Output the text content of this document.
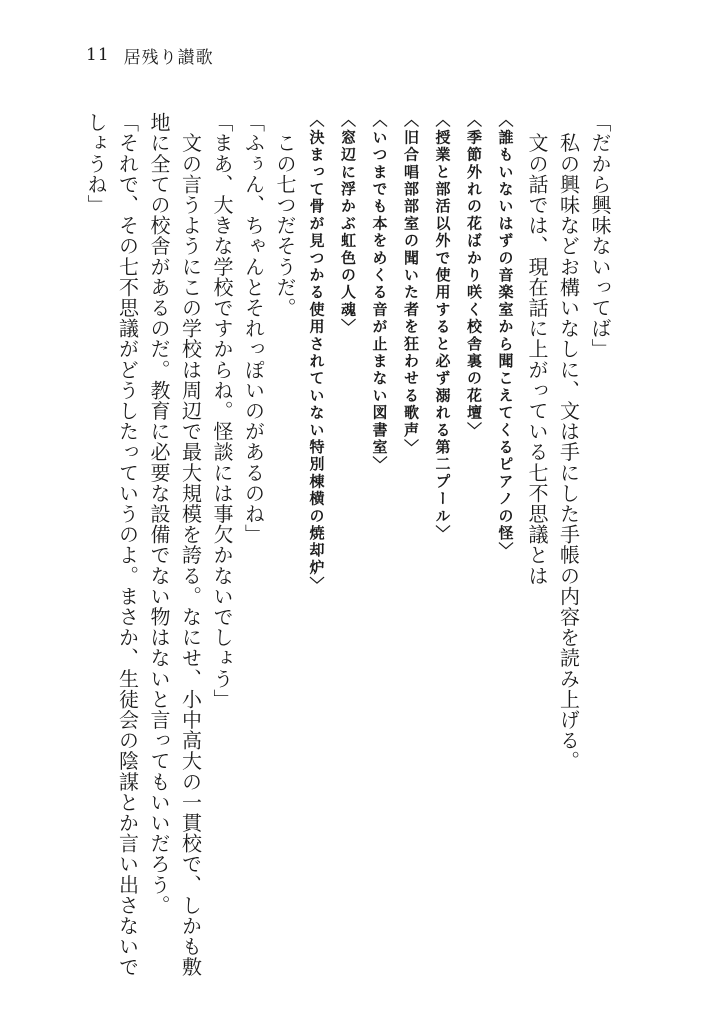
11 居残り讃歌

「だから興味ないってば」

　私の興味などお構いなしに、文は手にした手帳の内容を読み上げる。

　文の話では、現在話に上がっている七不思議とは

〈誰もいないはずの音楽室から聞こえてくるピアノの怪〉

〈季節外れの花ばかり咲く校舎裏の花壇〉

〈授業と部活以外で使用すると必ず溺れる第二プール〉

〈旧合唱部部室の聞いた者を狂わせる歌声〉

〈いつまでも本をめくる音が止まない図書室〉

〈窓辺に浮かぶ虹色の人魂〉

〈決まって骨が見つかる使用されていない特別棟横の焼却炉〉

　この七つだそうだ。

「ふぅん、ちゃんとそれっぽいのがあるのね」

「まあ、大きな学校ですからね。怪談には事欠かないでしょう」

　文の言うようにこの学校は周辺で最大規模を誇る。なにせ、小中高大の一貫校で、しかも敷

地に全ての校舎があるのだ。教育に必要な設備でない物はないと言ってもいいだろう。

「それで、その七不思議がどうしたっていうのよ。まさか、生徒会の陰謀とか言い出さないで

しょうね」
